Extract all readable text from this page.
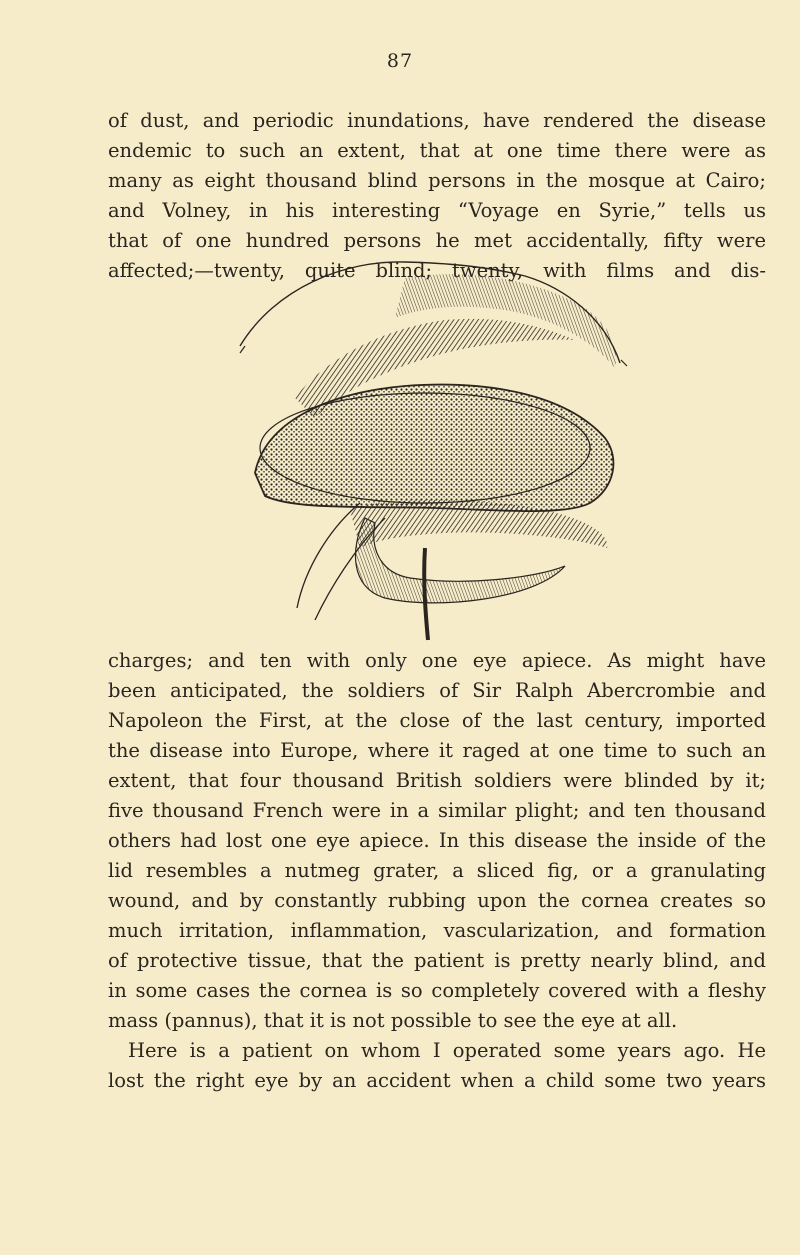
87
of dust, and periodic inundations, have rendered the disease
endemic to such an extent, that at one time there were as
many as eight thousand blind persons in the mosque at Cairo;
and Volney, in his interesting “Voyage en Syrie,” tells us
that of one hundred persons he met accidentally, fifty were
affected;—twenty, quite blind; twenty, with films and dis-
charges; and ten with only one eye apiece. As might have
been anticipated, the soldiers of Sir Ralph Abercrombie and
Napoleon the First, at the close of the last century, imported
the disease into Europe, where it raged at one time to such an
extent, that four thousand British soldiers were blinded by it;
five thousand French were in a similar plight; and ten thousand
others had lost one eye apiece. In this disease the inside of the
lid resembles a nutmeg grater, a sliced fig, or a granulating
wound, and by constantly rubbing upon the cornea creates so
much irritation, inflammation, vascularization, and formation
of protective tissue, that the patient is pretty nearly blind, and
in some cases the cornea is so completely covered with a fleshy
mass (pannus), that it is not possible to see the eye at all.
Here is a patient on whom I operated some years ago. He
lost the right eye by an accident when a child some two years
